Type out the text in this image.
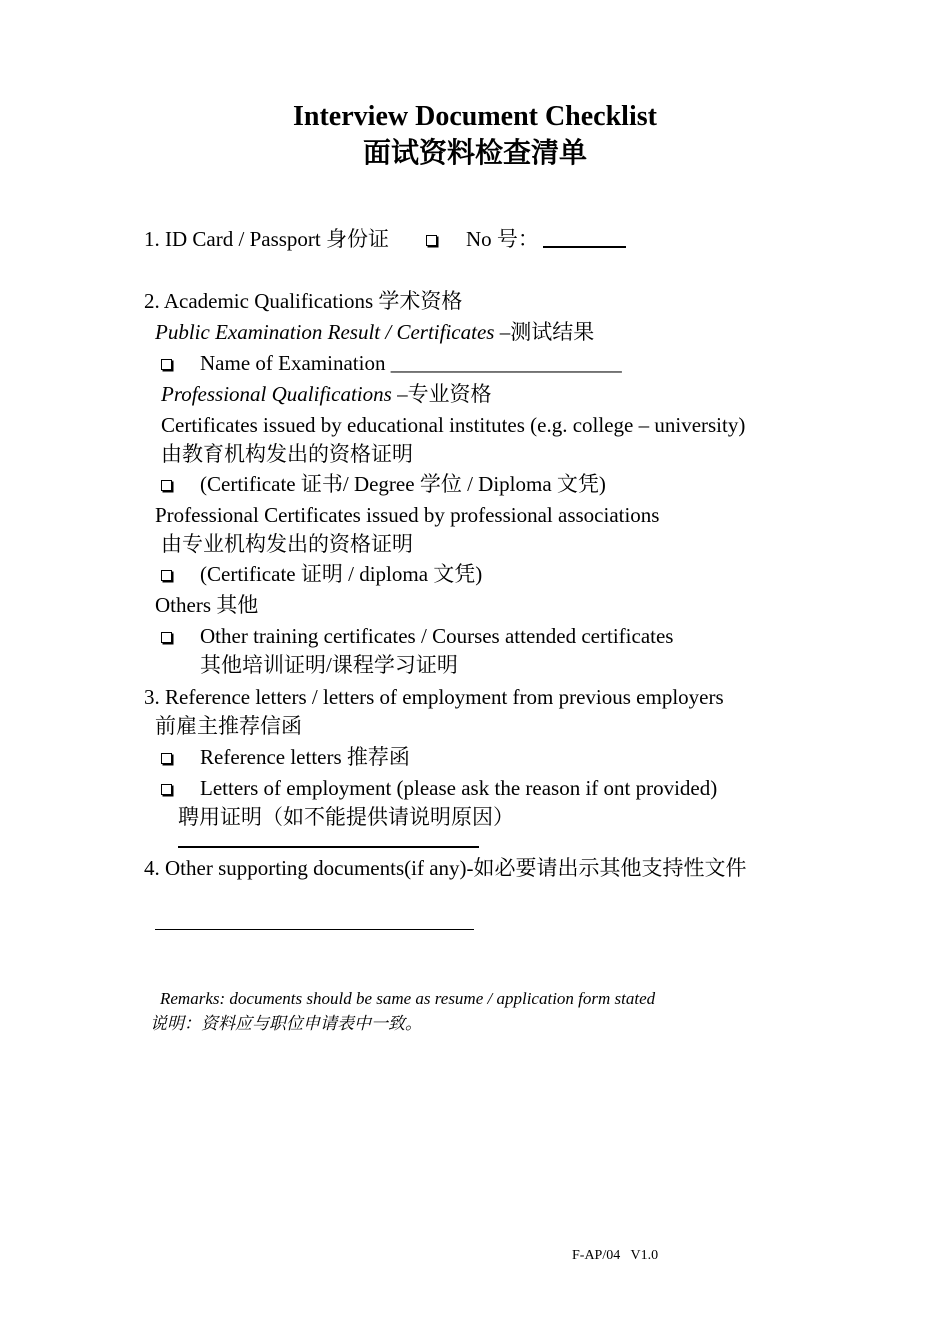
Interview Document Checklist
面试资料检查清单
1. ID Card / Passport 身份证	No 号：
2. Academic Qualifications 学术资格
Public Examination Result / Certificates –测试结果
Name of Examination ______________________
Professional Qualifications –专业资格
Certificates issued by educational institutes (e.g. college – university)
由教育机构发出的资格证明
(Certificate 证书/ Degree 学位 / Diploma 文凭)
Professional Certificates issued by professional associations
由专业机构发出的资格证明
(Certificate 证明 / diploma 文凭)
Others 其他
Other training certificates / Courses attended certificates
其他培训证明/课程学习证明
3. Reference letters / letters of employment from previous employers
前雇主推荐信函
Reference letters 推荐函
Letters of employment (please ask the reason if ont provided)
聘用证明（如不能提供请说明原因）
4. Other supporting documents(if any)-如必要请出示其他支持性文件
Remarks: documents should be same as resume / application form stated
说明：资料应与职位申请表中一致。
F-AP/04   V1.0
